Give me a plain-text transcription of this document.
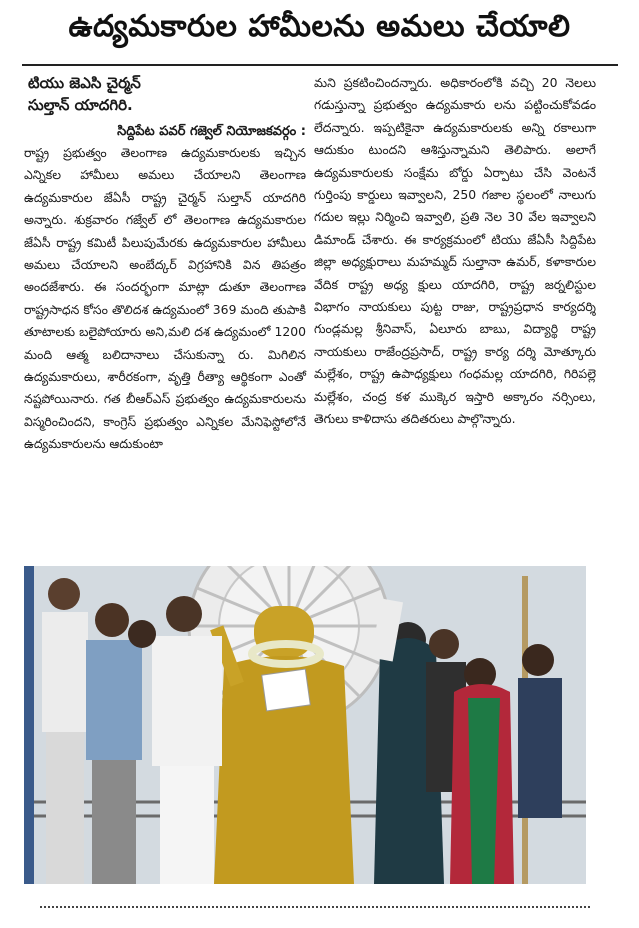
ఉద్యమకారుల హామీలను అమలు చేయాలి
టియు జెఎసి చైర్మన్
సుల్తాన్ యాదగిరి.
సిద్దిపేట పవర్ గజ్వెల్ నియోజకవర్గం :

రాష్ట్ర ప్రభుత్వం తెలంగాణ ఉద్యమకారులకు ఇచ్చిన ఎన్నికల హామీలు అమలు చేయాలని తెలంగాణ ఉద్యమకారుల జేఏసీ రాష్ట్ర చైర్మన్ సుల్తాన్ యాదగిరి అన్నారు. శుక్రవారం గజ్వేల్ లో తెలంగాణ ఉద్యమకారుల జేఏసీ రాష్ట్ర కమిటీ పిలుపుమేరకు ఉద్యమకారుల హామీలు అమలు చేయాలని అంబేద్కర్ విగ్రహానికి విన తిపత్రం అందజేశారు. ఈ సందర్భంగా మాట్లా డుతూ తెలంగాణ రాష్ట్రసాధన కోసం తొలిదశ ఉద్యమంలో 369 మంది తుపాకి తూటాలకు బలైపోయారు అని,మలి దశ ఉద్యమంలో 1200 మంది ఆత్మ బలిదానాలు చేసుకున్నా రు. మిగిలిన ఉద్యమకారులు, శారీరకంగా, వృత్తి రీత్యా ఆర్థికంగా ఎంతో నష్టపోయినారు. గత బీఆర్ఎస్ ప్రభుత్వం ఉద్యమకారులను విస్మరించిందని, కాంగ్రెస్ ప్రభుత్వం ఎన్నికల మేనిఫెస్టోలోనే ఉద్యమకారులను ఆదుకుంటా

మని ప్రకటించిందన్నారు. అధికారంలోకి వచ్చి 20 నెలలు గడుస్తున్నా ప్రభుత్వం ఉద్యమకారు లను పట్టించుకోవడం లేదన్నారు. ఇప్పటికైనా ఉద్యమకారులకు అన్ని రకాలుగా ఆదుకుం టుందని ఆశిస్తున్నామని తెలిపారు. అలాగే ఉద్యమకారులకు సంక్షేమ బోర్డు ఏర్పాటు చేసి వెంటనే గుర్తింపు కార్డులు ఇవ్వాలని, 250 గజాల స్థలంలో నాలుగు గదుల ఇల్లు నిర్మించి ఇవ్వాలి, ప్రతి నెల 30 వేల ఇవ్వాలని డిమాండ్ చేశారు. ఈ కార్యక్రమంలో టియు జేఏసీ సిద్దిపేట జిల్లా అధ్యక్షురాలు మహమ్మద్ సుల్తానా ఉమర్, కళాకారుల వేదిక రాష్ట్ర అధ్య క్షులు యాదగిరి, రాష్ట్ర జర్నలిస్టుల విభాగం నాయకులు పుట్ట రాజు, రాష్ట్రప్రధాన కార్యదర్శి గుండ్లమల్ల శ్రీనివాస్, ఏలూరు బాబు, విద్యార్థి రాష్ట్ర నాయకులు రాజేంద్రప్రసాద్, రాష్ట్ర కార్య దర్శి మోత్కూరు మల్లేశం, రాష్ట్ర ఉపాధ్యక్షులు గంధమల్ల యాదగిరి, గిరిపల్లె మల్లేశం, చంద్ర కళ ముక్కెర ఇస్తారి అక్కారం నర్సింలు, తెగులు కాళిదాసు తదితరులు పాల్గొన్నారు.
